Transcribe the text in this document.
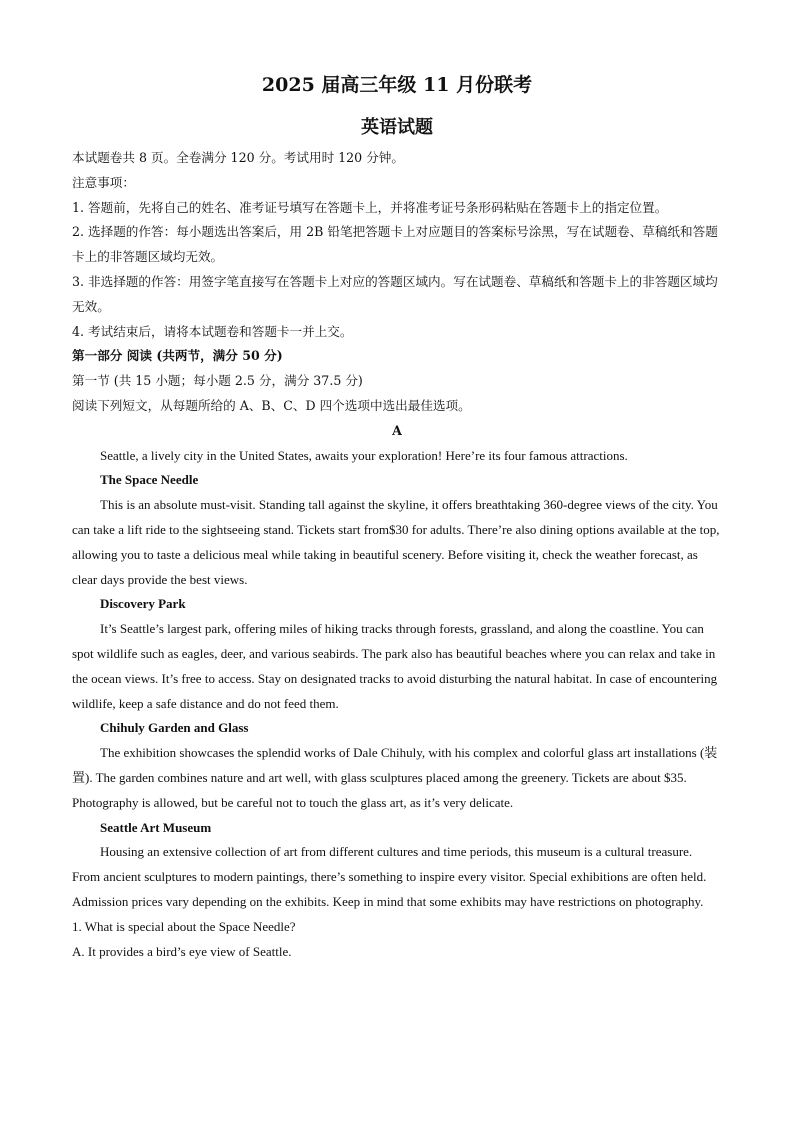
2025 届高三年级 11 月份联考
英语试题

本试题卷共 8 页。全卷满分 120 分。考试用时 120 分钟。

注意事项：

1. 答题前，先将自己的姓名、准考证号填写在答题卡上，并将准考证号条形码粘贴在答题卡上的指定位置。

2. 选择题的作答：每小题选出答案后，用 2B 铅笔把答题卡上对应题目的答案标号涂黑，写在试题卷、草稿纸和答题卡上的非答题区域均无效。

3. 非选择题的作答：用签字笔直接写在答题卡上对应的答题区域内。写在试题卷、草稿纸和答题卡上的非答题区域均无效。

4. 考试结束后，请将本试题卷和答题卡一并上交。

第一部分 阅读 (共两节，满分 50 分)

第一节 (共 15 小题；每小题 2.5 分，满分 37.5 分)

阅读下列短文，从每题所给的 A、B、C、D 四个选项中选出最佳选项。

A

Seattle, a lively city in the United States, awaits your exploration! Here’re its four famous attractions.

The Space Needle

This is an absolute must-visit. Standing tall against the skyline, it offers breathtaking 360-degree views of the city. You can take a lift ride to the sightseeing stand. Tickets start from$30 for adults. There’re also dining options available at the top, allowing you to taste a delicious meal while taking in beautiful scenery. Before visiting it, check the weather forecast, as clear days provide the best views.

Discovery Park

It’s Seattle’s largest park, offering miles of hiking tracks through forests, grassland, and along the coastline. You can spot wildlife such as eagles, deer, and various seabirds. The park also has beautiful beaches where you can relax and take in the ocean views. It’s free to access. Stay on designated tracks to avoid disturbing the natural habitat. In case of encountering wildlife, keep a safe distance and do not feed them.

Chihuly Garden and Glass

The exhibition showcases the splendid works of Dale Chihuly, with his complex and colorful glass art installations (装置). The garden combines nature and art well, with glass sculptures placed among the greenery. Tickets are about $35. Photography is allowed, but be careful not to touch the glass art, as it’s very delicate.

Seattle Art Museum

Housing an extensive collection of art from different cultures and time periods, this museum is a cultural treasure. From ancient sculptures to modern paintings, there’s something to inspire every visitor. Special exhibitions are often held. Admission prices vary depending on the exhibits. Keep in mind that some exhibits may have restrictions on photography.

1. What is special about the Space Needle?

A. It provides a bird’s eye view of Seattle.
